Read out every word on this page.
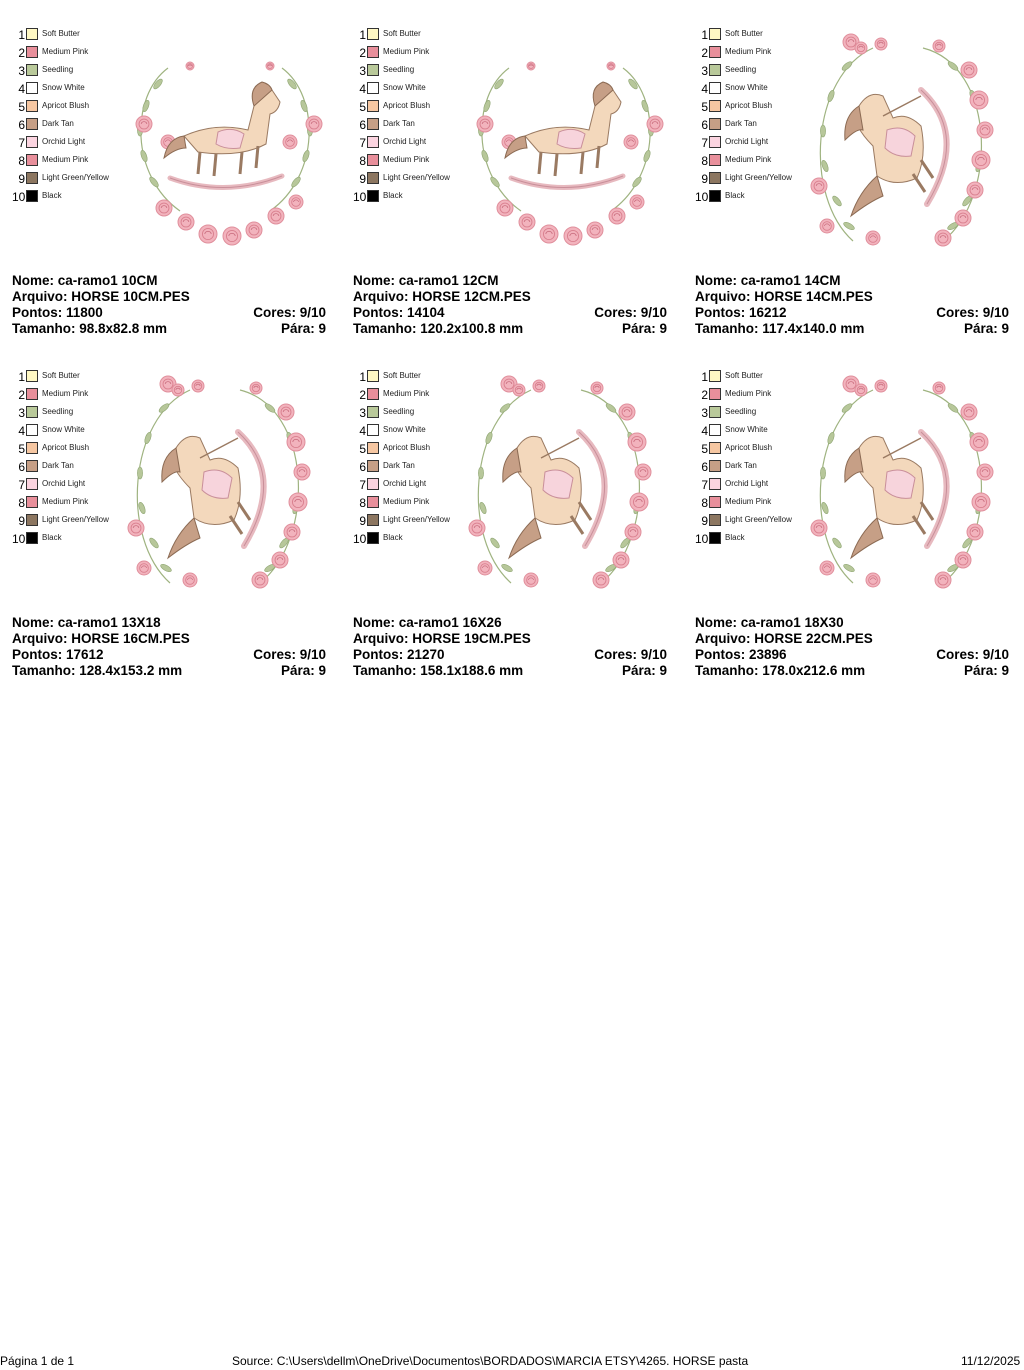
1 Soft Butter
2 Medium Pink
3 Seedling
4 Snow White
5 Apricot Blush
6 Dark Tan
7 Orchid Light
8 Medium Pink
9 Light Green/Yellow
10 Black
Nome: ca-ramo1 10CM
Arquivo: HORSE 10CM.PES
Pontos: 11800	Cores: 9/10
Tamanho: 98.8x82.8 mm	Pára: 9
1 Soft Butter
2 Medium Pink
3 Seedling
4 Snow White
5 Apricot Blush
6 Dark Tan
7 Orchid Light
8 Medium Pink
9 Light Green/Yellow
10 Black
Nome: ca-ramo1 12CM
Arquivo: HORSE 12CM.PES
Pontos: 14104	Cores: 9/10
Tamanho: 120.2x100.8 mm	Pára: 9
1 Soft Butter
2 Medium Pink
3 Seedling
4 Snow White
5 Apricot Blush
6 Dark Tan
7 Orchid Light
8 Medium Pink
9 Light Green/Yellow
10 Black
Nome: ca-ramo1 14CM
Arquivo: HORSE 14CM.PES
Pontos: 16212	Cores: 9/10
Tamanho: 117.4x140.0 mm	Pára: 9
1 Soft Butter
2 Medium Pink
3 Seedling
4 Snow White
5 Apricot Blush
6 Dark Tan
7 Orchid Light
8 Medium Pink
9 Light Green/Yellow
10 Black
Nome: ca-ramo1 13X18
Arquivo: HORSE 16CM.PES
Pontos: 17612	Cores: 9/10
Tamanho: 128.4x153.2 mm	Pára: 9
1 Soft Butter
2 Medium Pink
3 Seedling
4 Snow White
5 Apricot Blush
6 Dark Tan
7 Orchid Light
8 Medium Pink
9 Light Green/Yellow
10 Black
Nome: ca-ramo1 16X26
Arquivo: HORSE 19CM.PES
Pontos: 21270	Cores: 9/10
Tamanho: 158.1x188.6 mm	Pára: 9
1 Soft Butter
2 Medium Pink
3 Seedling
4 Snow White
5 Apricot Blush
6 Dark Tan
7 Orchid Light
8 Medium Pink
9 Light Green/Yellow
10 Black
Nome: ca-ramo1 18X30
Arquivo: HORSE 22CM.PES
Pontos: 23896	Cores: 9/10
Tamanho: 178.0x212.6 mm	Pára: 9
Página 1 de 1	Source: C:\Users\dellm\OneDrive\Documentos\BORDADOS\MARCIA ETSY\4265. HORSE pasta	11/12/2025
